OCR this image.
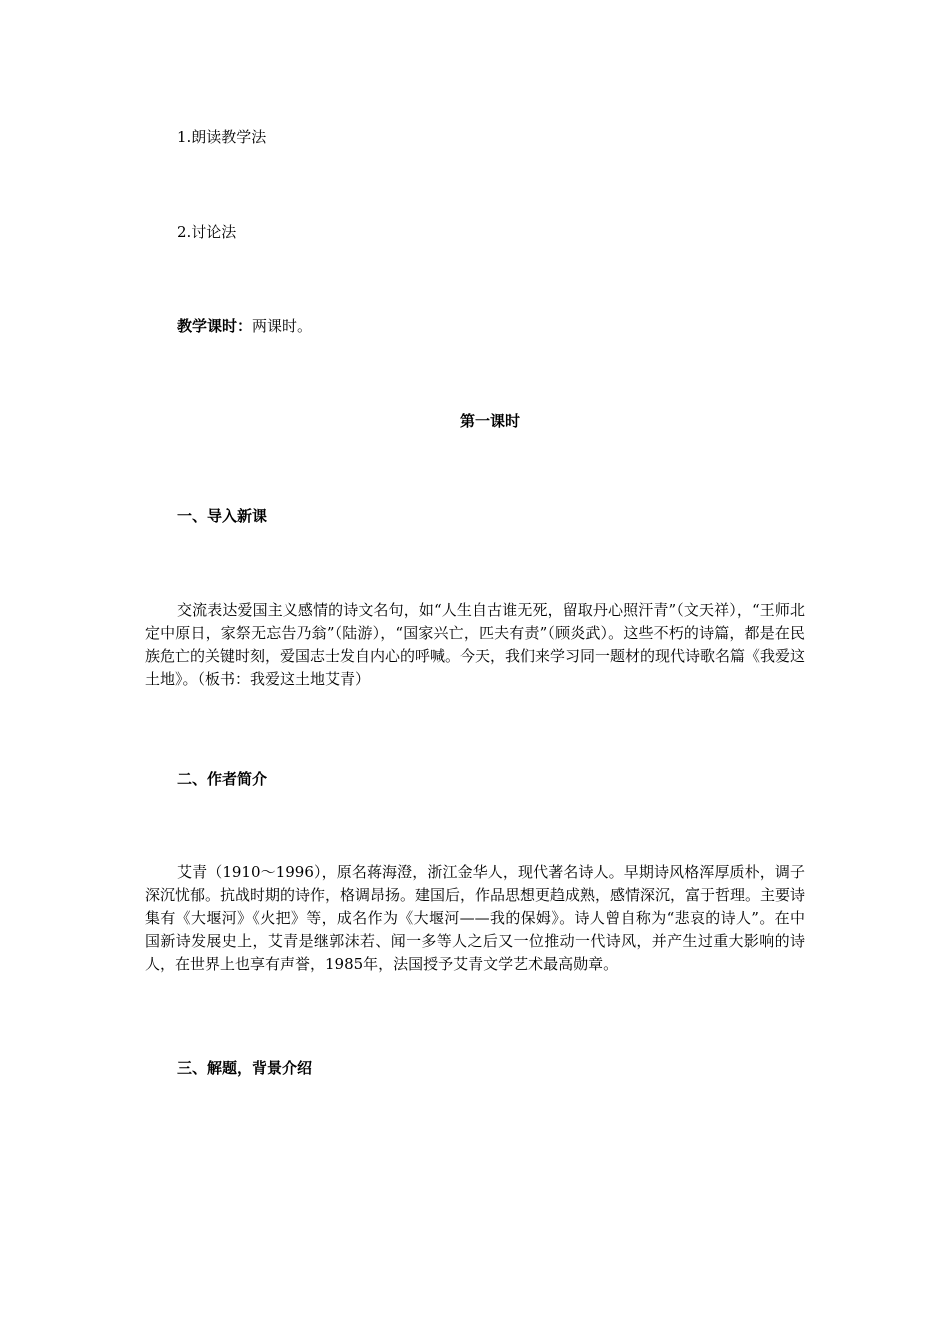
1.朗读教学法
2.讨论法
教学课时：两课时。
第一课时
一、导入新课
交流表达爱国主义感情的诗文名句，如“人生自古谁无死，留取丹心照汗青”（文天祥），“王师北定中原日，家祭无忘告乃翁”（陆游），“国家兴亡，匹夫有责”（顾炎武）。这些不朽的诗篇，都是在民族危亡的关键时刻，爱国志士发自内心的呼喊。今天，我们来学习同一题材的现代诗歌名篇《我爱这土地》。（板书：我爱这土地艾青）
二、作者简介
艾青（1910～1996），原名蒋海澄，浙江金华人，现代著名诗人。早期诗风格浑厚质朴，调子深沉忧郁。抗战时期的诗作，格调昂扬。建国后，作品思想更趋成熟，感情深沉，富于哲理。主要诗集有《大堰河》《火把》等，成名作为《大堰河——我的保姆》。诗人曾自称为“悲哀的诗人”。在中国新诗发展史上，艾青是继郭沫若、闻一多等人之后又一位推动一代诗风，并产生过重大影响的诗人，在世界上也享有声誉，1985年，法国授予艾青文学艺术最高勋章。
三、解题，背景介绍
